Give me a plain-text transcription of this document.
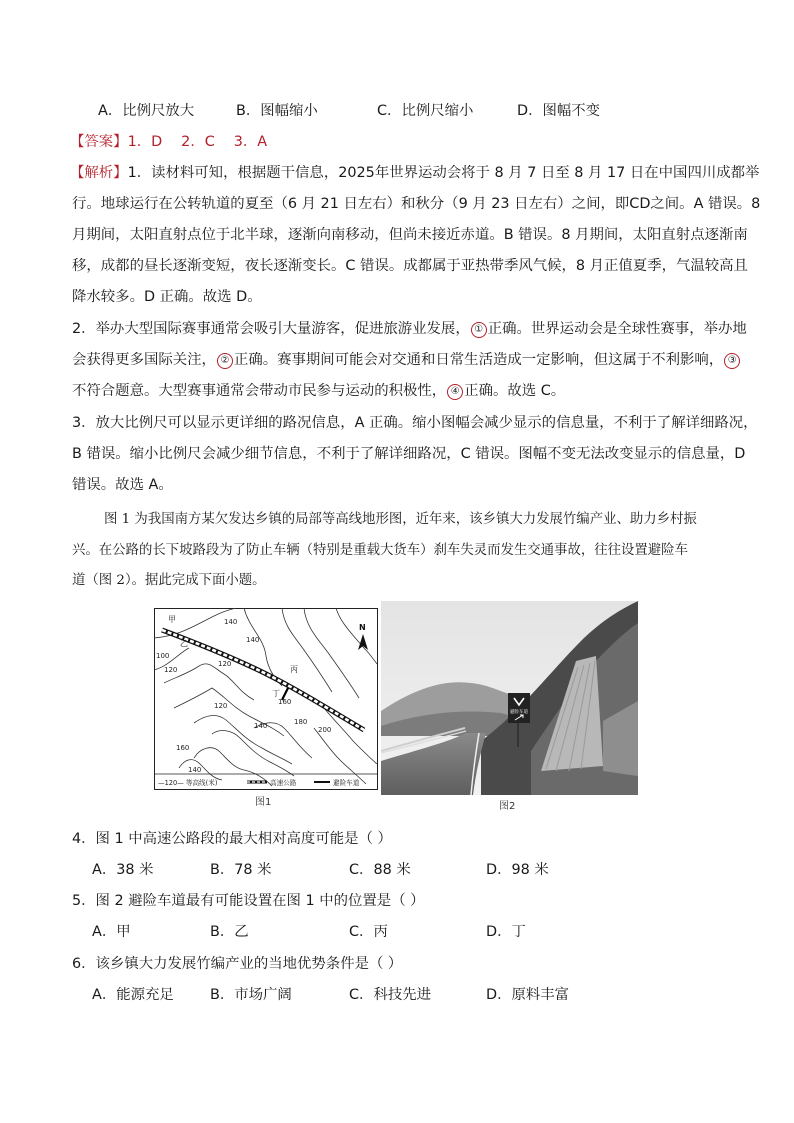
A．比例尺放大	B．图幅缩小	C．比例尺缩小	D．图幅不变
【答案】1．D　 2．C　 3．A
【解析】1．读材料可知，根据题干信息，2025年世界运动会将于 8 月 7 日至 8 月 17 日在中国四川成都举
行。地球运行在公转轨道的夏至（6 月 21 日左右）和秋分（9 月 23 日左右）之间，即CD之间。A 错误。8
月期间，太阳直射点位于北半球，逐渐向南移动，但尚未接近赤道。B 错误。8 月期间，太阳直射点逐渐南
移，成都的昼长逐渐变短，夜长逐渐变长。C 错误。成都属于亚热带季风气候，8 月正值夏季，气温较高且
降水较多。D 正确。故选 D。
2．举办大型国际赛事通常会吸引大量游客，促进旅游业发展， ① 正确。世界运动会是全球性赛事，举办地
会获得更多国际关注， ② 正确。赛事期间可能会对交通和日常生活造成一定影响，但这属于不利影响， ③
不符合题意。大型赛事通常会带动市民参与运动的积极性， ④ 正确。故选 C。
3．放大比例尺可以显示更详细的路况信息，A 正确。缩小图幅会减少显示的信息量，不利于了解详细路况，
B 错误。缩小比例尺会减少细节信息，不利于了解详细路况，C 错误。图幅不变无法改变显示的信息量，D
错误。故选 A。
图 1 为我国南方某欠发达乡镇的局部等高线地形图，近年来，该乡镇大力发展竹编产业、助力乡村振
兴。在公路的长下坡路段为了防止车辆（特别是重载大货车）刹车失灵而发生交通事故，往往设置避险车
道（图 2）。据此完成下面小题。
甲
乙
丙
丁
100
140
140
120
120
160
180
200
120
140
160
140
N
—120— 等高线(米)	高速公路	避险车道
图1
避险车道
图2
4．图 1 中高速公路段的最大相对高度可能是（ ）
A．38 米	B．78 米	C．88 米	D．98 米
5．图 2 避险车道最有可能设置在图 1 中的位置是（ ）
A．甲	B．乙	C．丙	D．丁
6．该乡镇大力发展竹编产业的当地优势条件是（ ）
A．能源充足	B．市场广阔	C．科技先进	D．原料丰富
